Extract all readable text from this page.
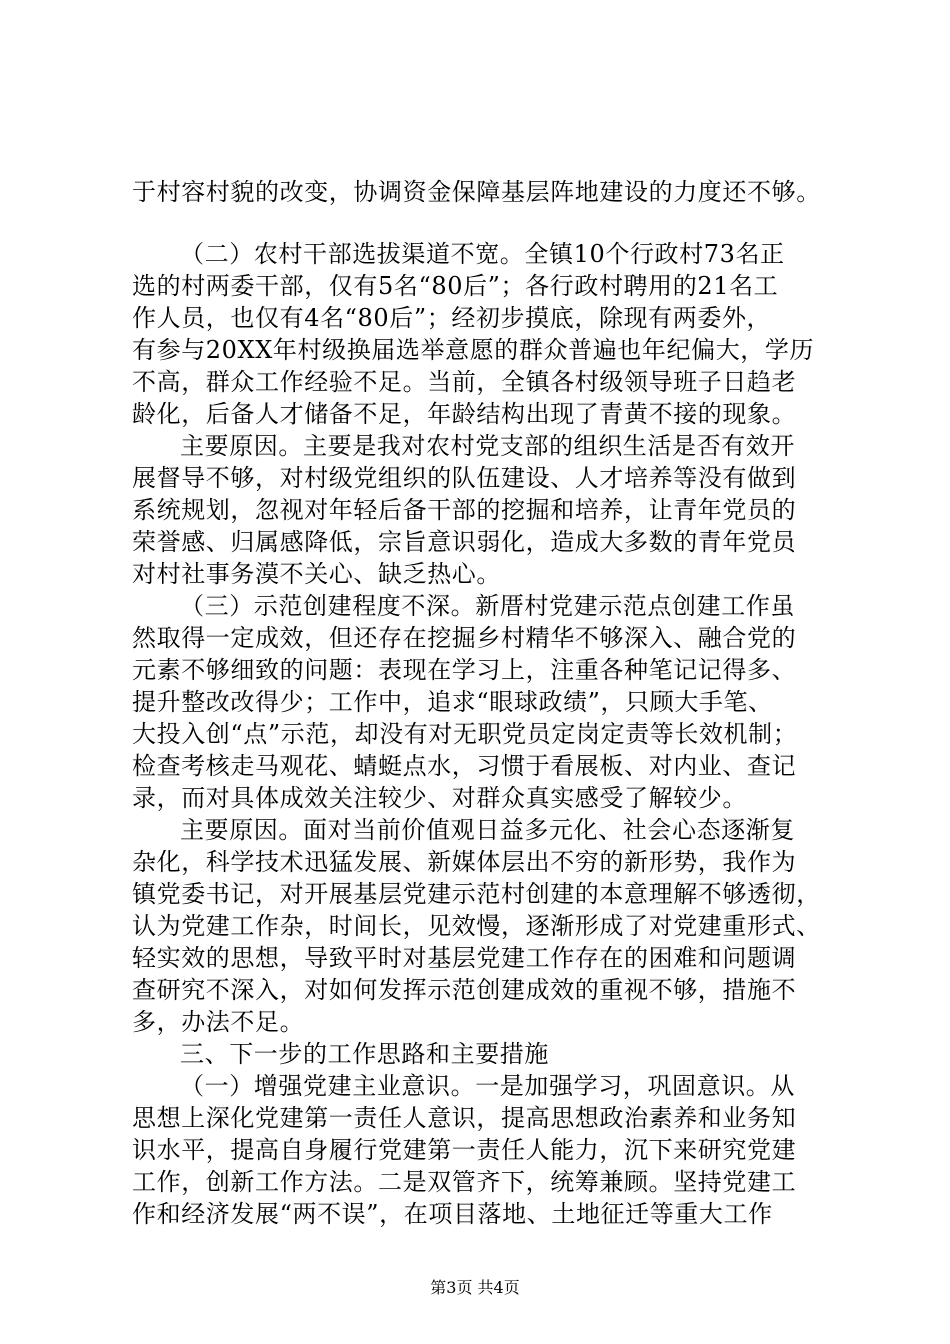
于村容村貌的改变，协调资金保障基层阵地建设的力度还不够。
（二）农村干部选拔渠道不宽。全镇10个行政村73名正
选的村两委干部，仅有5名“80后”；各行政村聘用的21名工
作人员，也仅有4名“80后”；经初步摸底，除现有两委外，
有参与20XX年村级换届选举意愿的群众普遍也年纪偏大，学历
不高，群众工作经验不足。当前，全镇各村级领导班子日趋老
龄化，后备人才储备不足，年龄结构出现了青黄不接的现象。
主要原因。主要是我对农村党支部的组织生活是否有效开
展督导不够，对村级党组织的队伍建设、人才培养等没有做到
系统规划，忽视对年轻后备干部的挖掘和培养，让青年党员的
荣誉感、归属感降低，宗旨意识弱化，造成大多数的青年党员
对村社事务漠不关心、缺乏热心。
（三）示范创建程度不深。新厝村党建示范点创建工作虽
然取得一定成效，但还存在挖掘乡村精华不够深入、融合党的
元素不够细致的问题：表现在学习上，注重各种笔记记得多、
提升整改改得少；工作中，追求“眼球政绩”，只顾大手笔、
大投入创“点”示范，却没有对无职党员定岗定责等长效机制；
检查考核走马观花、蜻蜓点水，习惯于看展板、对内业、查记
录，而对具体成效关注较少、对群众真实感受了解较少。
主要原因。面对当前价值观日益多元化、社会心态逐渐复
杂化，科学技术迅猛发展、新媒体层出不穷的新形势，我作为
镇党委书记，对开展基层党建示范村创建的本意理解不够透彻，
认为党建工作杂，时间长，见效慢，逐渐形成了对党建重形式、
轻实效的思想，导致平时对基层党建工作存在的困难和问题调
查研究不深入，对如何发挥示范创建成效的重视不够，措施不
多，办法不足。
三、下一步的工作思路和主要措施
（一）增强党建主业意识。一是加强学习，巩固意识。从
思想上深化党建第一责任人意识，提高思想政治素养和业务知
识水平，提高自身履行党建第一责任人能力，沉下来研究党建
工作，创新工作方法。二是双管齐下，统筹兼顾。坚持党建工
作和经济发展“两不误”，在项目落地、土地征迁等重大工作
第3页 共4页
